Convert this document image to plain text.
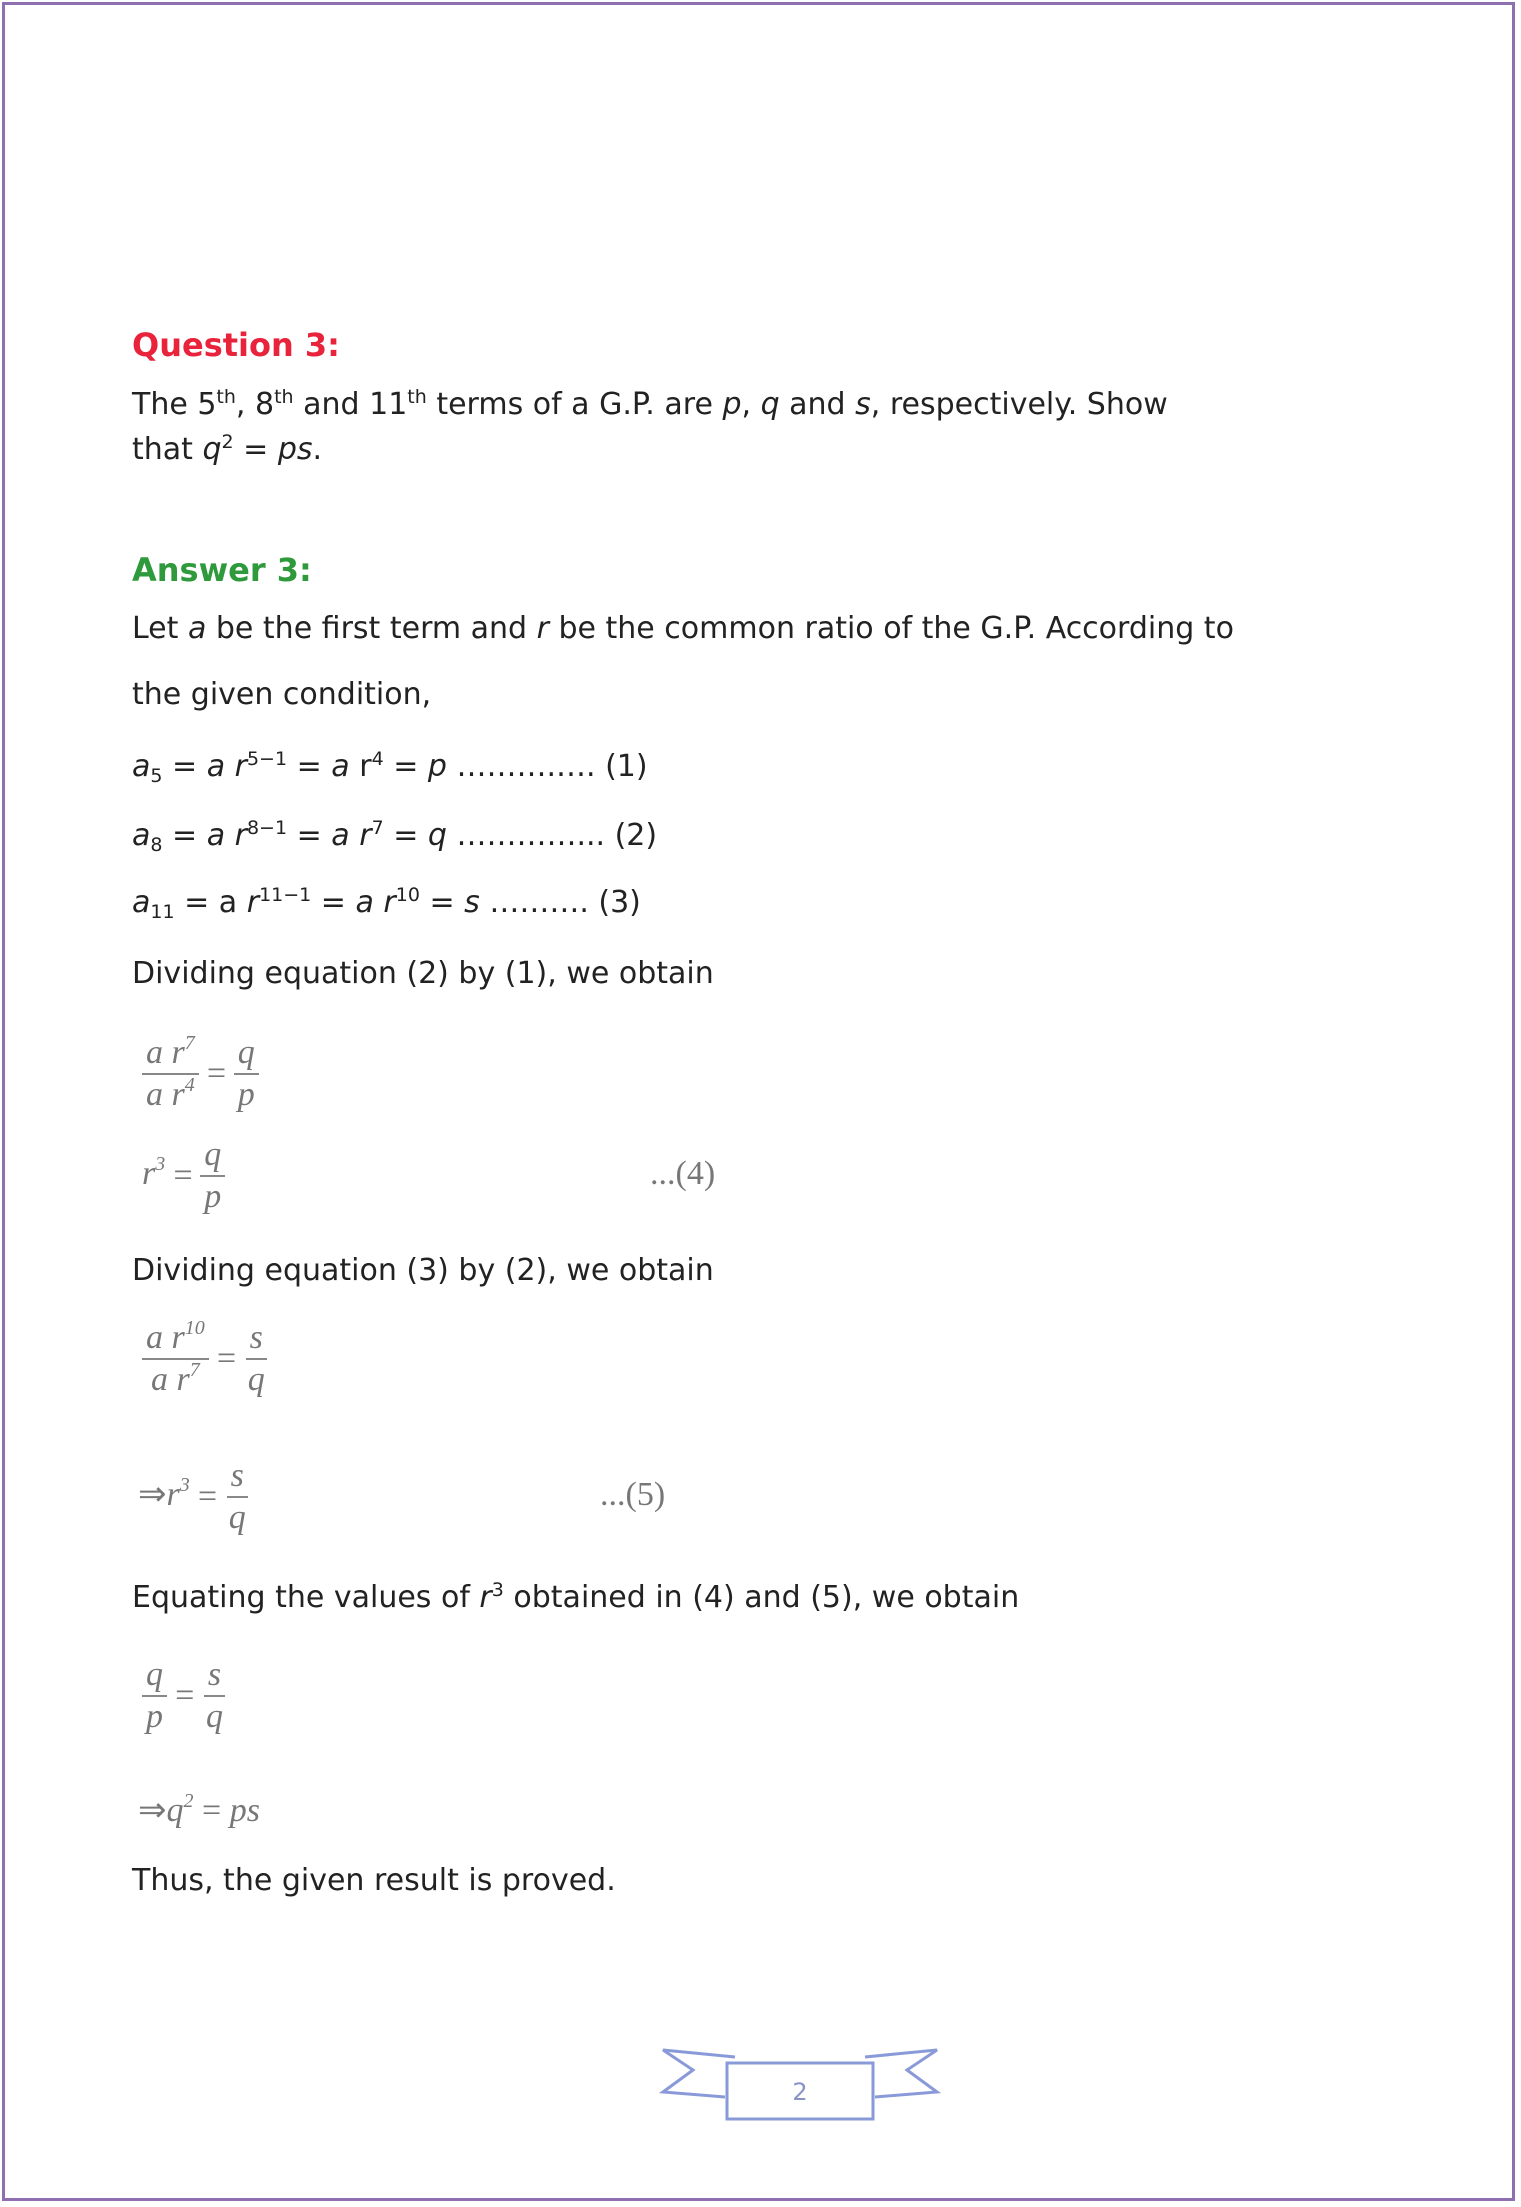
Question 3:
The 5th, 8th and 11th terms of a G.P. are p, q and s, respectively. Show
that $q^2$ = ps.
Answer 3:
Let a be the first term and r be the common ratio of the G.P. According to
the given condition,
$a_5 = a$ $r^{5-1} = a$ $r^4 = p$ ……….…. (1)
$a_8 = a$ $r^{8-1} = a$ $r^7 = q$ …………... (2)
$a_{11} = a$ $r^{11-1} = a$ $r^{10} = s$ ………. (3)
Dividing equation (2) by (1), we obtain
$\frac{a r^7}{a r^4} = \frac{q}{p}$
$r^3 = \frac{q}{p}$	...(4)
Dividing equation (3) by (2), we obtain
$\frac{a r^{10}}{a r^7} = \frac{s}{q}$
$\Rightarrow r^3 = \frac{s}{q}$	...(5)
Equating the values of $r^3$ obtained in (4) and (5), we obtain
$\frac{q}{p} = \frac{s}{q}$
$\Rightarrow q^2$ = ps
Thus, the given result is proved.
2
